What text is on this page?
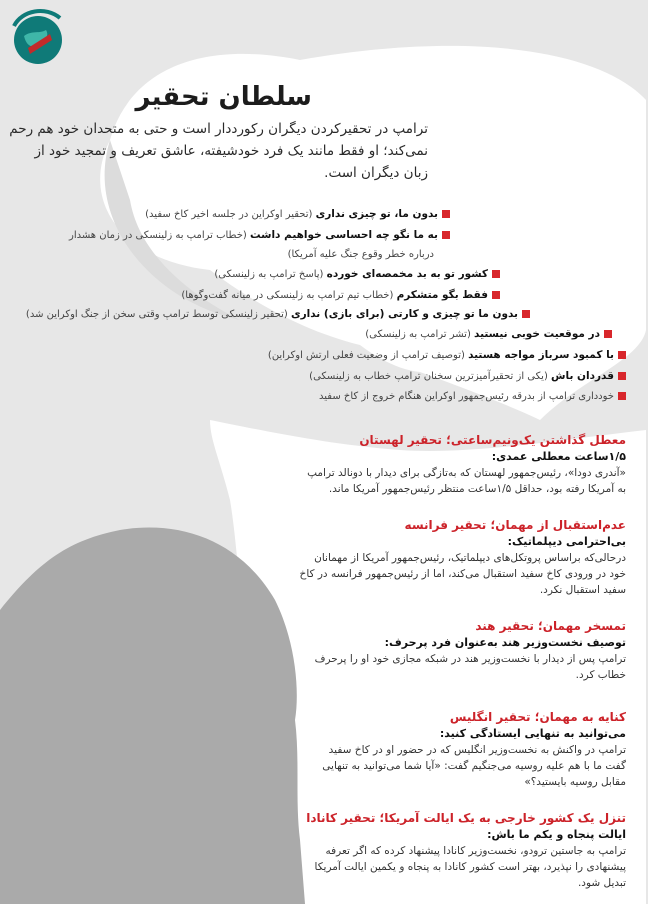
سلطان تحقیر
ترامپ در تحقیرکردن دیگران رکورددار است و حتی به متحدان خود هم رحم نمی‌کند؛ او فقط مانند یک فرد خودشیفته، عاشق تعریف و تمجید خود از زبان دیگران است.
بدون ما، تو چیزی نداری (تحقیر اوکراین در جلسه اخیر کاخ سفید)
به ما نگو چه احساسی خواهیم داشت (خطاب ترامپ به زلینسکی در زمان هشدار
درباره خطر وقوع جنگ علیه آمریکا)
کشور تو به بد مخمصه‌ای خورده (پاسخ ترامپ به زلینسکی)
فقط بگو متشکرم (خطاب تیم ترامپ به زلینسکی در میانه گفت‌وگوها)
بدون ما تو چیزی و کارتی (برای بازی) نداری (تحقیر زلینسکی توسط ترامپ وقتی سخن از جنگ اوکراین شد)
در موقعیت خوبی نیستید (تشر ترامپ به زلینسکی)
با کمبود سرباز مواجه هستید (توصیف ترامپ از وضعیت فعلی ارتش اوکراین)
قدردان باش (یکی از تحقیرآمیزترین سخنان ترامپ خطاب به زلینسکی)
خودداری ترامپ از بدرقه رئیس‌جمهور اوکراین هنگام خروج از کاخ سفید
معطل گذاشتن یک‌ونیم‌ساعتی؛ تحقیر لهستان
۱/۵ساعت معطلی عمدی:
«آندری دودا»، رئیس‌جمهور لهستان که به‌تازگی برای دیدار با دونالد ترامپ به آمریکا رفته بود، حداقل ۱/۵ساعت منتظر رئیس‌جمهور آمریکا ماند.
عدم‌استقبال از مهمان؛ تحقیر فرانسه
بی‌احترامی دیپلماتیک:
درحالی‌که براساس پروتکل‌های دیپلماتیک، رئیس‌جمهور آمریکا از مهمانان خود در ورودی کاخ سفید استقبال می‌کند، اما از رئیس‌جمهور فرانسه در کاخ سفید استقبال نکرد.
تمسخر مهمان؛ تحقیر هند
توصیف نخست‌وزیر هند به‌عنوان فرد پرحرف:
ترامپ پس از دیدار با نخست‌وزیر هند در شبکه مجازی خود او را پرحرف خطاب کرد.
کنایه به مهمان؛ تحقیر انگلیس
می‌توانید به تنهایی ایستادگی کنید:
ترامپ در واکنش به نخست‌وزیر انگلیس که در حضور او در کاخ سفید گفت ما با هم علیه روسیه می‌جنگیم گفت: «آیا شما می‌توانید به تنهایی مقابل روسیه بایستید؟»
تنزل یک کشور خارجی به یک ایالت آمریکا؛ تحقیر کانادا
ایالت پنجاه و یکم ما باش:
ترامپ به جاستین ترودو، نخست‌وزیر کانادا پیشنهاد کرده که اگر تعرفه پیشنهادی را نپذیرد، بهتر است کشور کانادا به پنجاه و یکمین ایالت آمریکا تبدیل شود.
